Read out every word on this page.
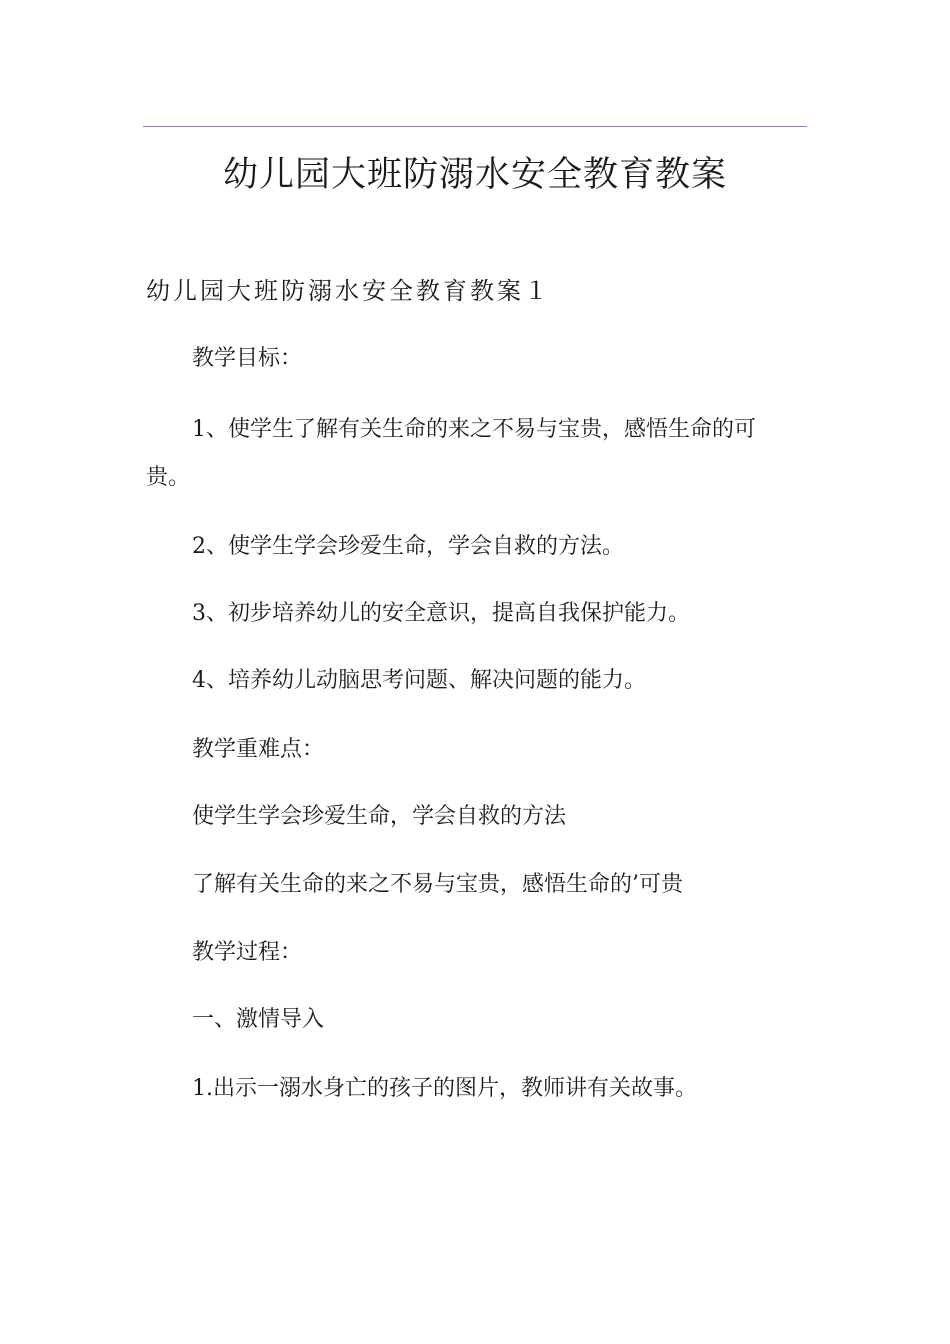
幼儿园大班防溺水安全教育教案
幼儿园大班防溺水安全教育教案１
教学目标：
1、使学生了解有关生命的来之不易与宝贵，感悟生命的可
贵。
2、使学生学会珍爱生命，学会自救的方法。
3、初步培养幼儿的安全意识，提高自我保护能力。
4、培养幼儿动脑思考问题、解决问题的能力。
教学重难点：
使学生学会珍爱生命，学会自救的方法
了解有关生命的来之不易与宝贵，感悟生命的’可贵
教学过程：
一、激情导入
1.出示一溺水身亡的孩子的图片，教师讲有关故事。
